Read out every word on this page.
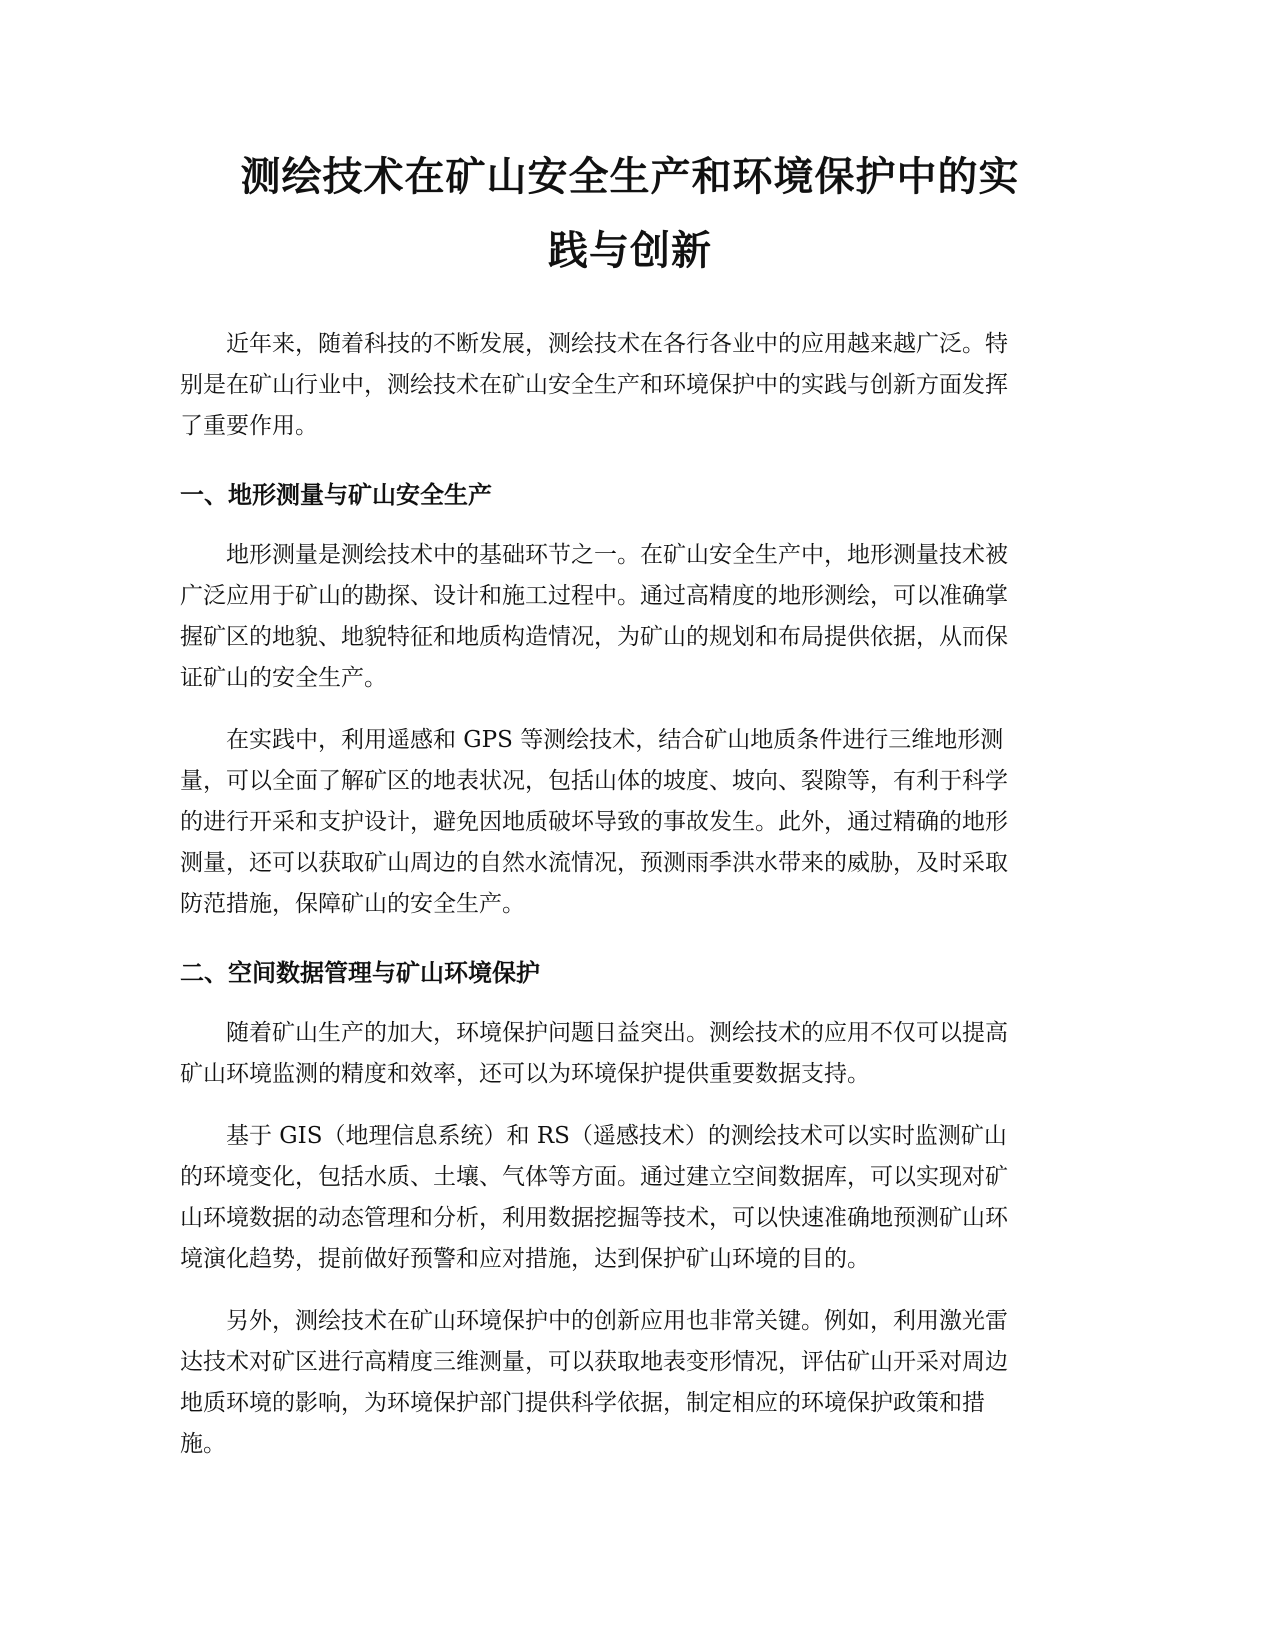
测绘技术在矿山安全生产和环境保护中的实
践与创新
近年来，随着科技的不断发展，测绘技术在各行各业中的应用越来越广泛。特
别是在矿山行业中，测绘技术在矿山安全生产和环境保护中的实践与创新方面发挥
了重要作用。
一、地形测量与矿山安全生产
地形测量是测绘技术中的基础环节之一。在矿山安全生产中，地形测量技术被
广泛应用于矿山的勘探、设计和施工过程中。通过高精度的地形测绘，可以准确掌
握矿区的地貌、地貌特征和地质构造情况，为矿山的规划和布局提供依据，从而保
证矿山的安全生产。
在实践中，利用遥感和 GPS 等测绘技术，结合矿山地质条件进行三维地形测
量，可以全面了解矿区的地表状况，包括山体的坡度、坡向、裂隙等，有利于科学
的进行开采和支护设计，避免因地质破坏导致的事故发生。此外，通过精确的地形
测量，还可以获取矿山周边的自然水流情况，预测雨季洪水带来的威胁，及时采取
防范措施，保障矿山的安全生产。
二、空间数据管理与矿山环境保护
随着矿山生产的加大，环境保护问题日益突出。测绘技术的应用不仅可以提高
矿山环境监测的精度和效率，还可以为环境保护提供重要数据支持。
基于 GIS（地理信息系统）和 RS（遥感技术）的测绘技术可以实时监测矿山
的环境变化，包括水质、土壤、气体等方面。通过建立空间数据库，可以实现对矿
山环境数据的动态管理和分析，利用数据挖掘等技术，可以快速准确地预测矿山环
境演化趋势，提前做好预警和应对措施，达到保护矿山环境的目的。
另外，测绘技术在矿山环境保护中的创新应用也非常关键。例如，利用激光雷
达技术对矿区进行高精度三维测量，可以获取地表变形情况，评估矿山开采对周边
地质环境的影响，为环境保护部门提供科学依据，制定相应的环境保护政策和措
施。
